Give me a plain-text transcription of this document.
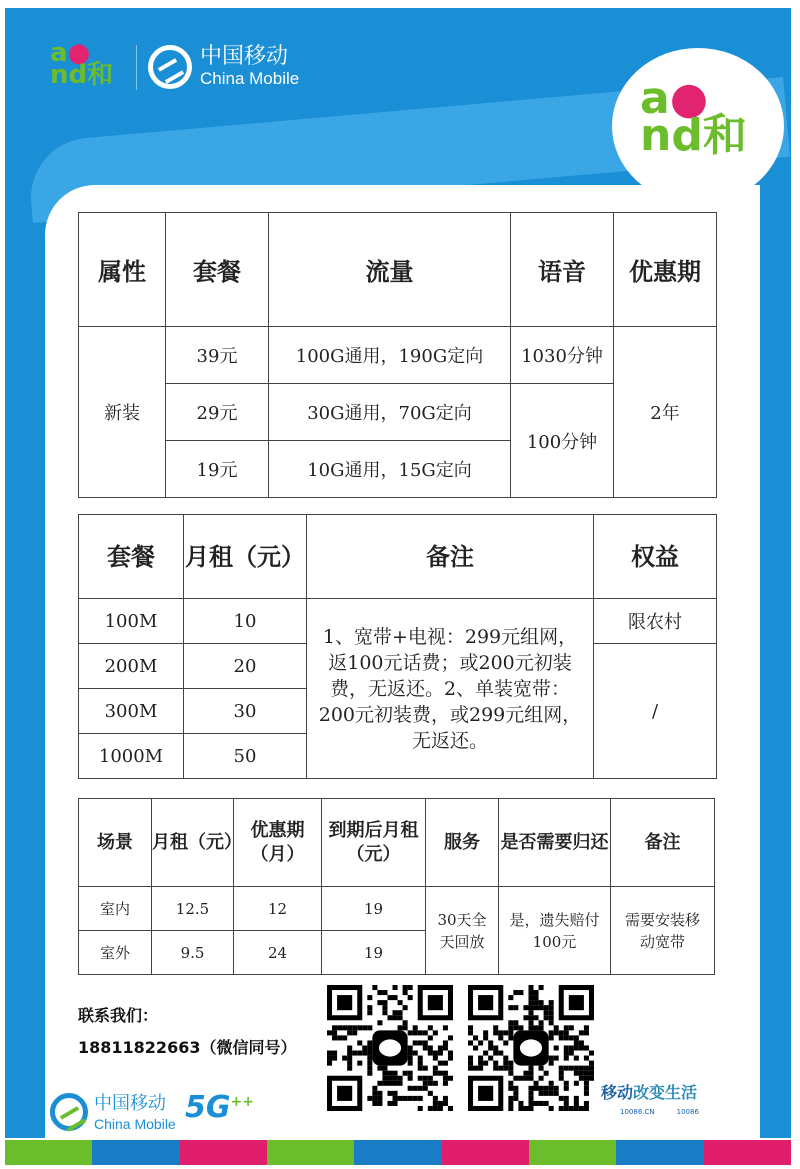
a●
nd和	a●
nd和
中国移动
China Mobile
属性	套餐	流量	语音	优惠期
新装	39元	100G通用，190G定向	1030分钟	2年
	29元	30G通用，70G定向	100分钟	
	19元	10G通用，15G定向		
套餐	月租（元）	备注	权益
100M	10	1、宽带+电视：299元组网，返100元话费；或200元初装费，无返还。2、单装宽带：200元初装费，或299元组网，无返还。	限农村
200M	20		/
300M	30		
1000M	50		
场景	月租（元）	优惠期（月）	到期后月租（元）	服务	是否需要归还	备注
室内	12.5	12	19	30天全天回放	是，遗失赔付100元	需要安装移动宽带
室外	9.5	24	19			
联系我们：
18811822663（微信同号）
中国移动
China Mobile 5G++	移动改变生活
10086.CN	10086
